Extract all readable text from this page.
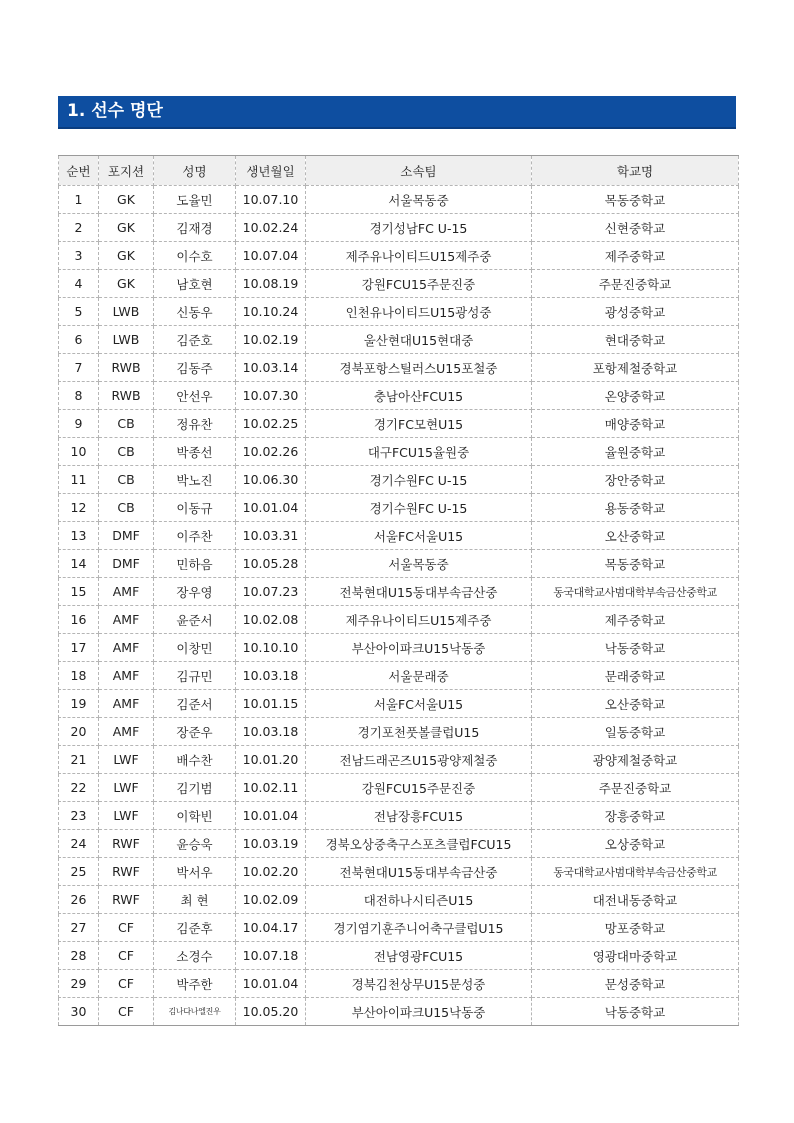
1. 선수 명단
순번	포지션	성명	생년월일	소속팀	학교명
1	GK	도율민	10.07.10	서울목동중	목동중학교
2	GK	김재경	10.02.24	경기성남FC U-15	신현중학교
3	GK	이수호	10.07.04	제주유나이티드U15제주중	제주중학교
4	GK	남호현	10.08.19	강원FCU15주문진중	주문진중학교
5	LWB	신동우	10.10.24	인천유나이티드U15광성중	광성중학교
6	LWB	김준호	10.02.19	울산현대U15현대중	현대중학교
7	RWB	김동주	10.03.14	경북포항스틸러스U15포철중	포항제철중학교
8	RWB	안선우	10.07.30	충남아산FCU15	온양중학교
9	CB	정유찬	10.02.25	경기FC모현U15	매양중학교
10	CB	박종선	10.02.26	대구FCU15율원중	율원중학교
11	CB	박노진	10.06.30	경기수원FC U-15	장안중학교
12	CB	이동규	10.01.04	경기수원FC U-15	용동중학교
13	DMF	이주찬	10.03.31	서울FC서울U15	오산중학교
14	DMF	민하음	10.05.28	서울목동중	목동중학교
15	AMF	장우영	10.07.23	전북현대U15동대부속금산중	동국대학교사범대학부속금산중학교
16	AMF	윤준서	10.02.08	제주유나이티드U15제주중	제주중학교
17	AMF	이창민	10.10.10	부산아이파크U15낙동중	낙동중학교
18	AMF	김규민	10.03.18	서울문래중	문래중학교
19	AMF	김준서	10.01.15	서울FC서울U15	오산중학교
20	AMF	장준우	10.03.18	경기포천풋볼클럽U15	일동중학교
21	LWF	배수찬	10.01.20	전남드래곤즈U15광양제철중	광양제철중학교
22	LWF	김기범	10.02.11	강원FCU15주문진중	주문진중학교
23	LWF	이학빈	10.01.04	전남장흥FCU15	장흥중학교
24	RWF	윤승욱	10.03.19	경북오상중축구스포츠클럽FCU15	오상중학교
25	RWF	박서우	10.02.20	전북현대U15동대부속금산중	동국대학교사범대학부속금산중학교
26	RWF	최 현	10.02.09	대전하나시티즌U15	대전내동중학교
27	CF	김준후	10.04.17	경기염기훈주니어축구클럽U15	망포중학교
28	CF	소경수	10.07.18	전남영광FCU15	영광대마중학교
29	CF	박주한	10.01.04	경북김천상무U15문성중	문성중학교
30	CF	김나다나엘진우	10.05.20	부산아이파크U15낙동중	낙동중학교
